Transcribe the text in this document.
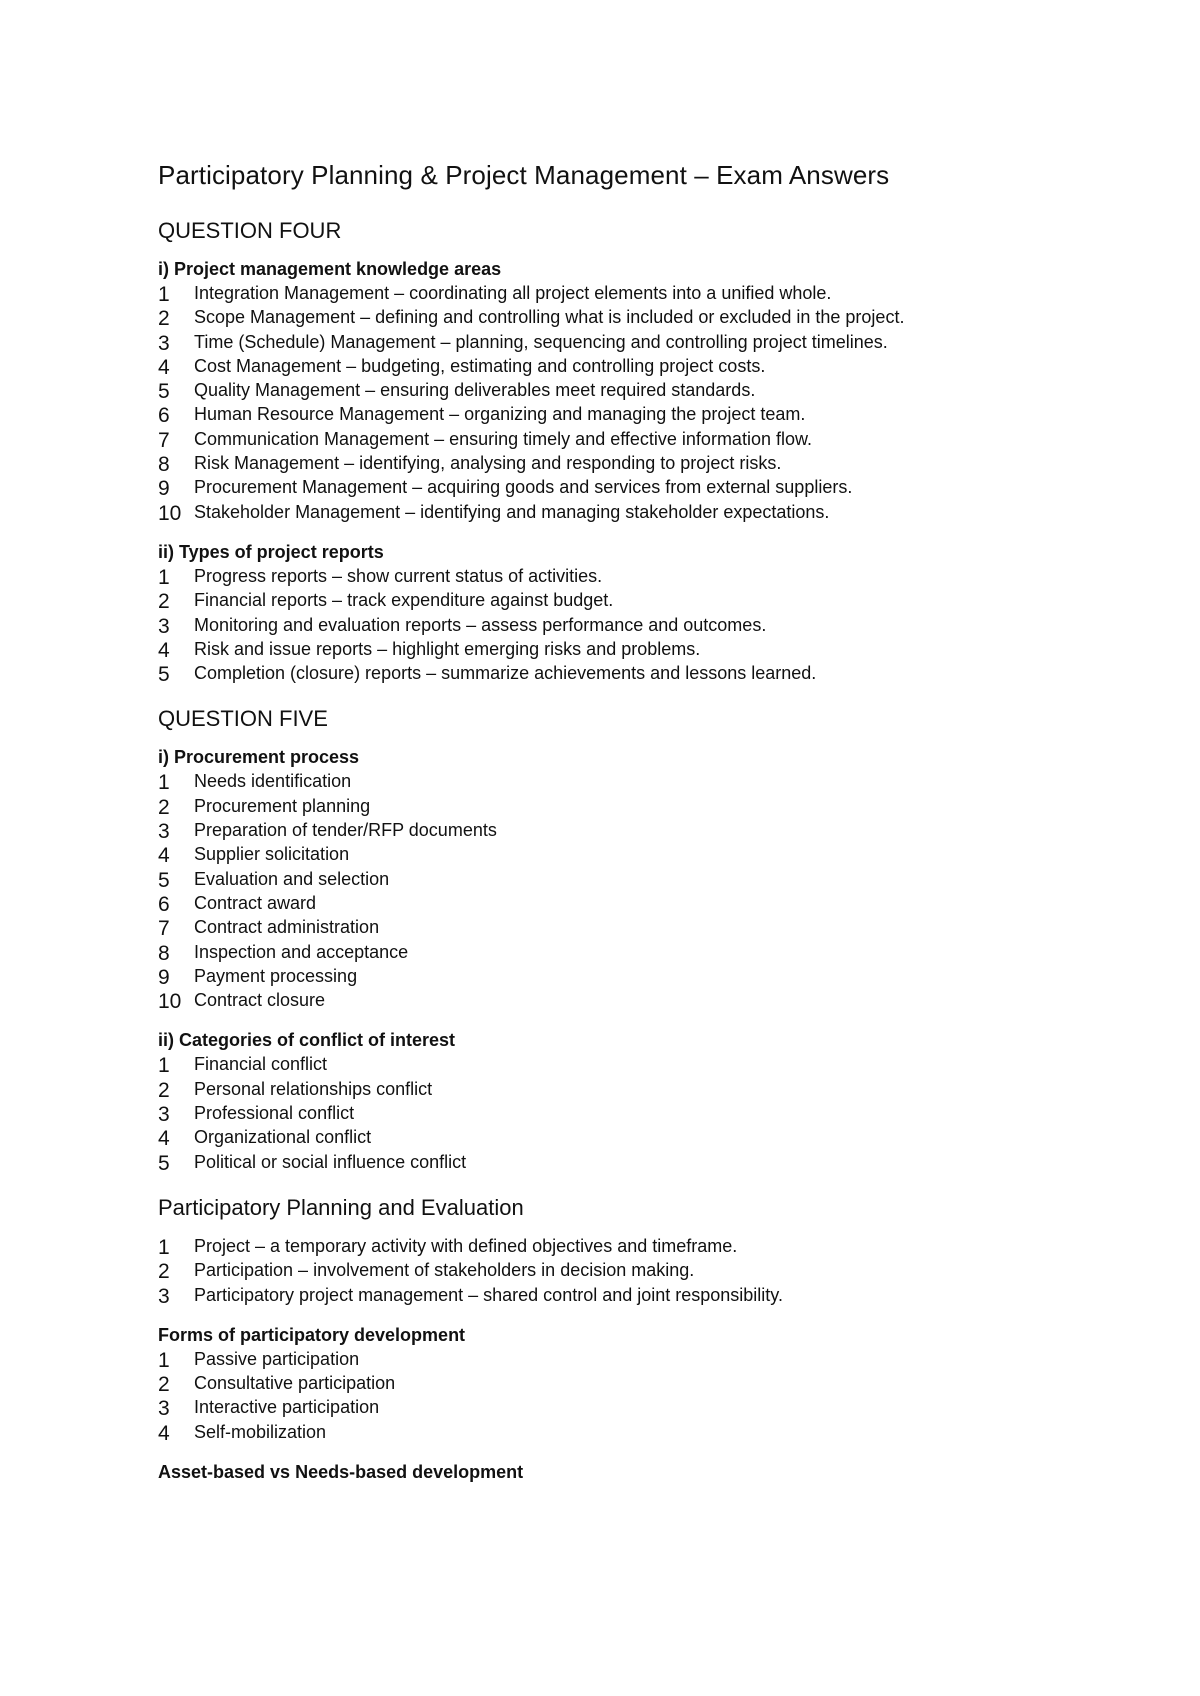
Participatory Planning & Project Management – Exam Answers
QUESTION FOUR
i) Project management knowledge areas
1	Integration Management – coordinating all project elements into a unified whole.
2	Scope Management – defining and controlling what is included or excluded in the project.
3	Time (Schedule) Management – planning, sequencing and controlling project timelines.
4	Cost Management – budgeting, estimating and controlling project costs.
5	Quality Management – ensuring deliverables meet required standards.
6	Human Resource Management – organizing and managing the project team.
7	Communication Management – ensuring timely and effective information flow.
8	Risk Management – identifying, analysing and responding to project risks.
9	Procurement Management – acquiring goods and services from external suppliers.
10 Stakeholder Management – identifying and managing stakeholder expectations.
ii) Types of project reports
1	Progress reports – show current status of activities.
2	Financial reports – track expenditure against budget.
3	Monitoring and evaluation reports – assess performance and outcomes.
4	Risk and issue reports – highlight emerging risks and problems.
5	Completion (closure) reports – summarize achievements and lessons learned.
QUESTION FIVE
i) Procurement process
1	Needs identification
2	Procurement planning
3	Preparation of tender/RFP documents
4	Supplier solicitation
5	Evaluation and selection
6	Contract award
7	Contract administration
8	Inspection and acceptance
9	Payment processing
10 Contract closure
ii) Categories of conflict of interest
1	Financial conflict
2	Personal relationships conflict
3	Professional conflict
4	Organizational conflict
5	Political or social influence conflict
Participatory Planning and Evaluation
1	Project – a temporary activity with defined objectives and timeframe.
2	Participation – involvement of stakeholders in decision making.
3	Participatory project management – shared control and joint responsibility.
Forms of participatory development
1	Passive participation
2	Consultative participation
3	Interactive participation
4	Self-mobilization
Asset-based vs Needs-based development
